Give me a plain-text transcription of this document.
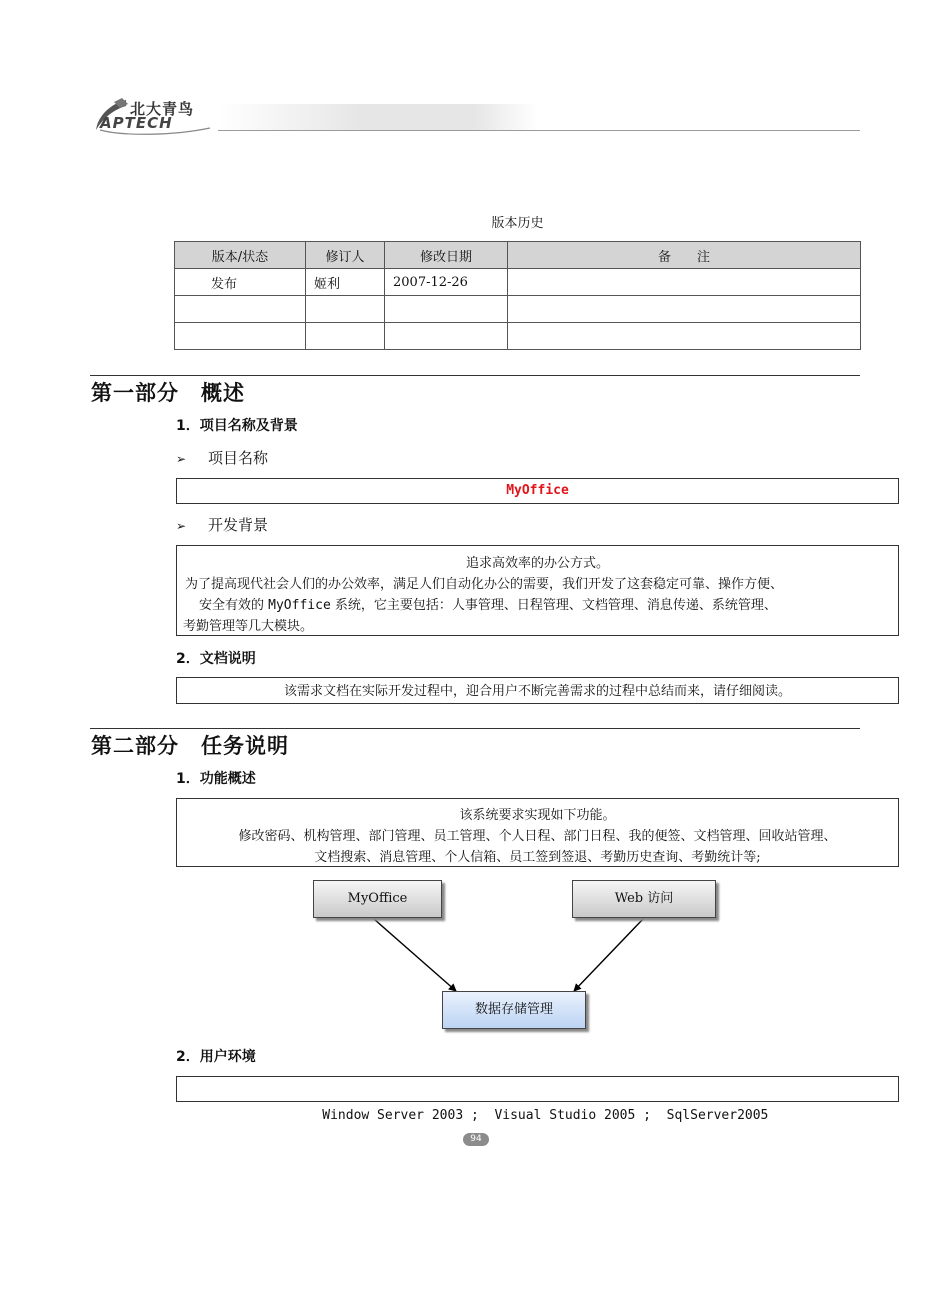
北大青鸟
APTECH
版本历史
版本/状态	修订人	修改日期	备　　注
发布	姬利	2007-12-26	

第一部分　概述
1．项目名称及背景
➢ 项目名称
MyOffice
➢ 开发背景
追求高效率的办公方式。
为了提高现代社会人们的办公效率，满足人们自动化办公的需要，我们开发了这套稳定可靠、操作方便、
安全有效的 MyOffice 系统，它主要包括：人事管理、日程管理、文档管理、消息传递、系统管理、
考勤管理等几大模块。
2．文档说明
该需求文档在实际开发过程中，迎合用户不断完善需求的过程中总结而来，请仔细阅读。
第二部分　任务说明
1．功能概述
该系统要求实现如下功能。
修改密码、机构管理、部门管理、员工管理、个人日程、部门日程、我的便签、文档管理、回收站管理、
文档搜索、消息管理、个人信箱、员工签到签退、考勤历史查询、考勤统计等;
MyOffice	Web 访问
数据存储管理
2．用户环境

Window Server 2003 ;  Visual Studio 2005 ;  SqlServer2005

94
